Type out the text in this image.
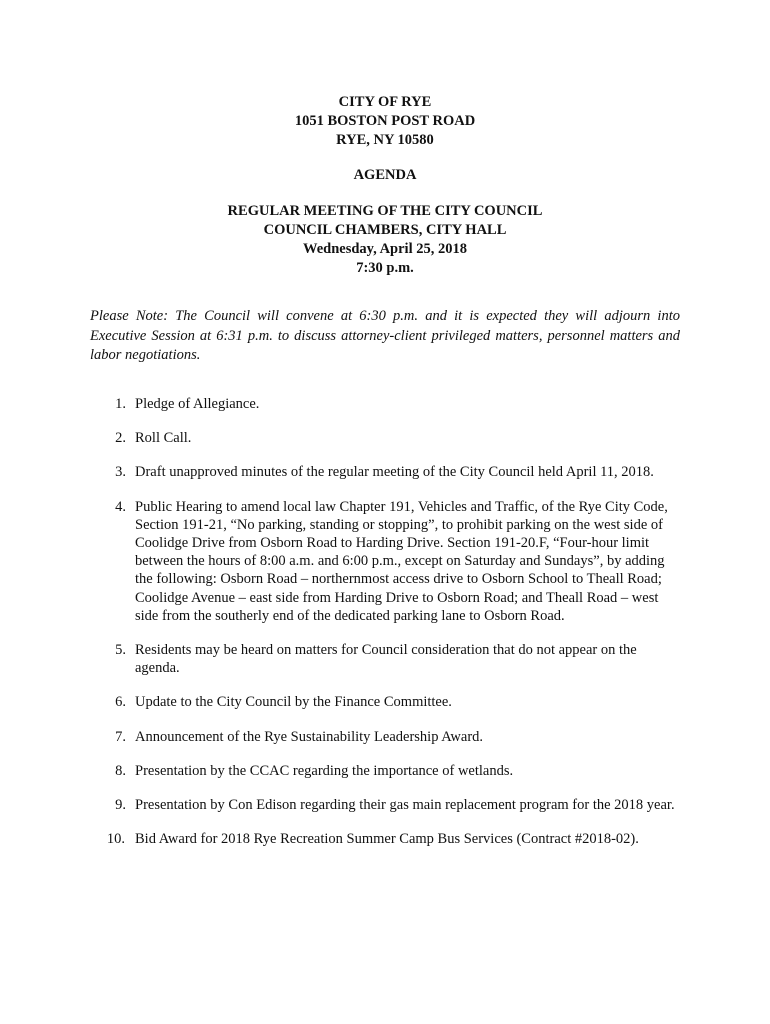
CITY OF RYE
1051 BOSTON POST ROAD
RYE, NY 10580
AGENDA
REGULAR MEETING OF THE CITY COUNCIL
COUNCIL CHAMBERS, CITY HALL
Wednesday, April 25, 2018
7:30 p.m.
Please Note: The Council will convene at 6:30 p.m. and it is expected they will adjourn into Executive Session at 6:31 p.m. to discuss attorney-client privileged matters, personnel matters and labor negotiations.
1. Pledge of Allegiance.
2. Roll Call.
3. Draft unapproved minutes of the regular meeting of the City Council held April 11, 2018.
4. Public Hearing to amend local law Chapter 191, Vehicles and Traffic, of the Rye City Code, Section 191-21, “No parking, standing or stopping”, to prohibit parking on the west side of Coolidge Drive from Osborn Road to Harding Drive. Section 191-20.F, “Four-hour limit between the hours of 8:00 a.m. and 6:00 p.m., except on Saturday and Sundays”, by adding the following: Osborn Road – northernmost access drive to Osborn School to Theall Road; Coolidge Avenue – east side from Harding Drive to Osborn Road; and Theall Road – west side from the southerly end of the dedicated parking lane to Osborn Road.
5. Residents may be heard on matters for Council consideration that do not appear on the agenda.
6. Update to the City Council by the Finance Committee.
7. Announcement of the Rye Sustainability Leadership Award.
8. Presentation by the CCAC regarding the importance of wetlands.
9. Presentation by Con Edison regarding their gas main replacement program for the 2018 year.
10. Bid Award for 2018 Rye Recreation Summer Camp Bus Services (Contract #2018-02).
